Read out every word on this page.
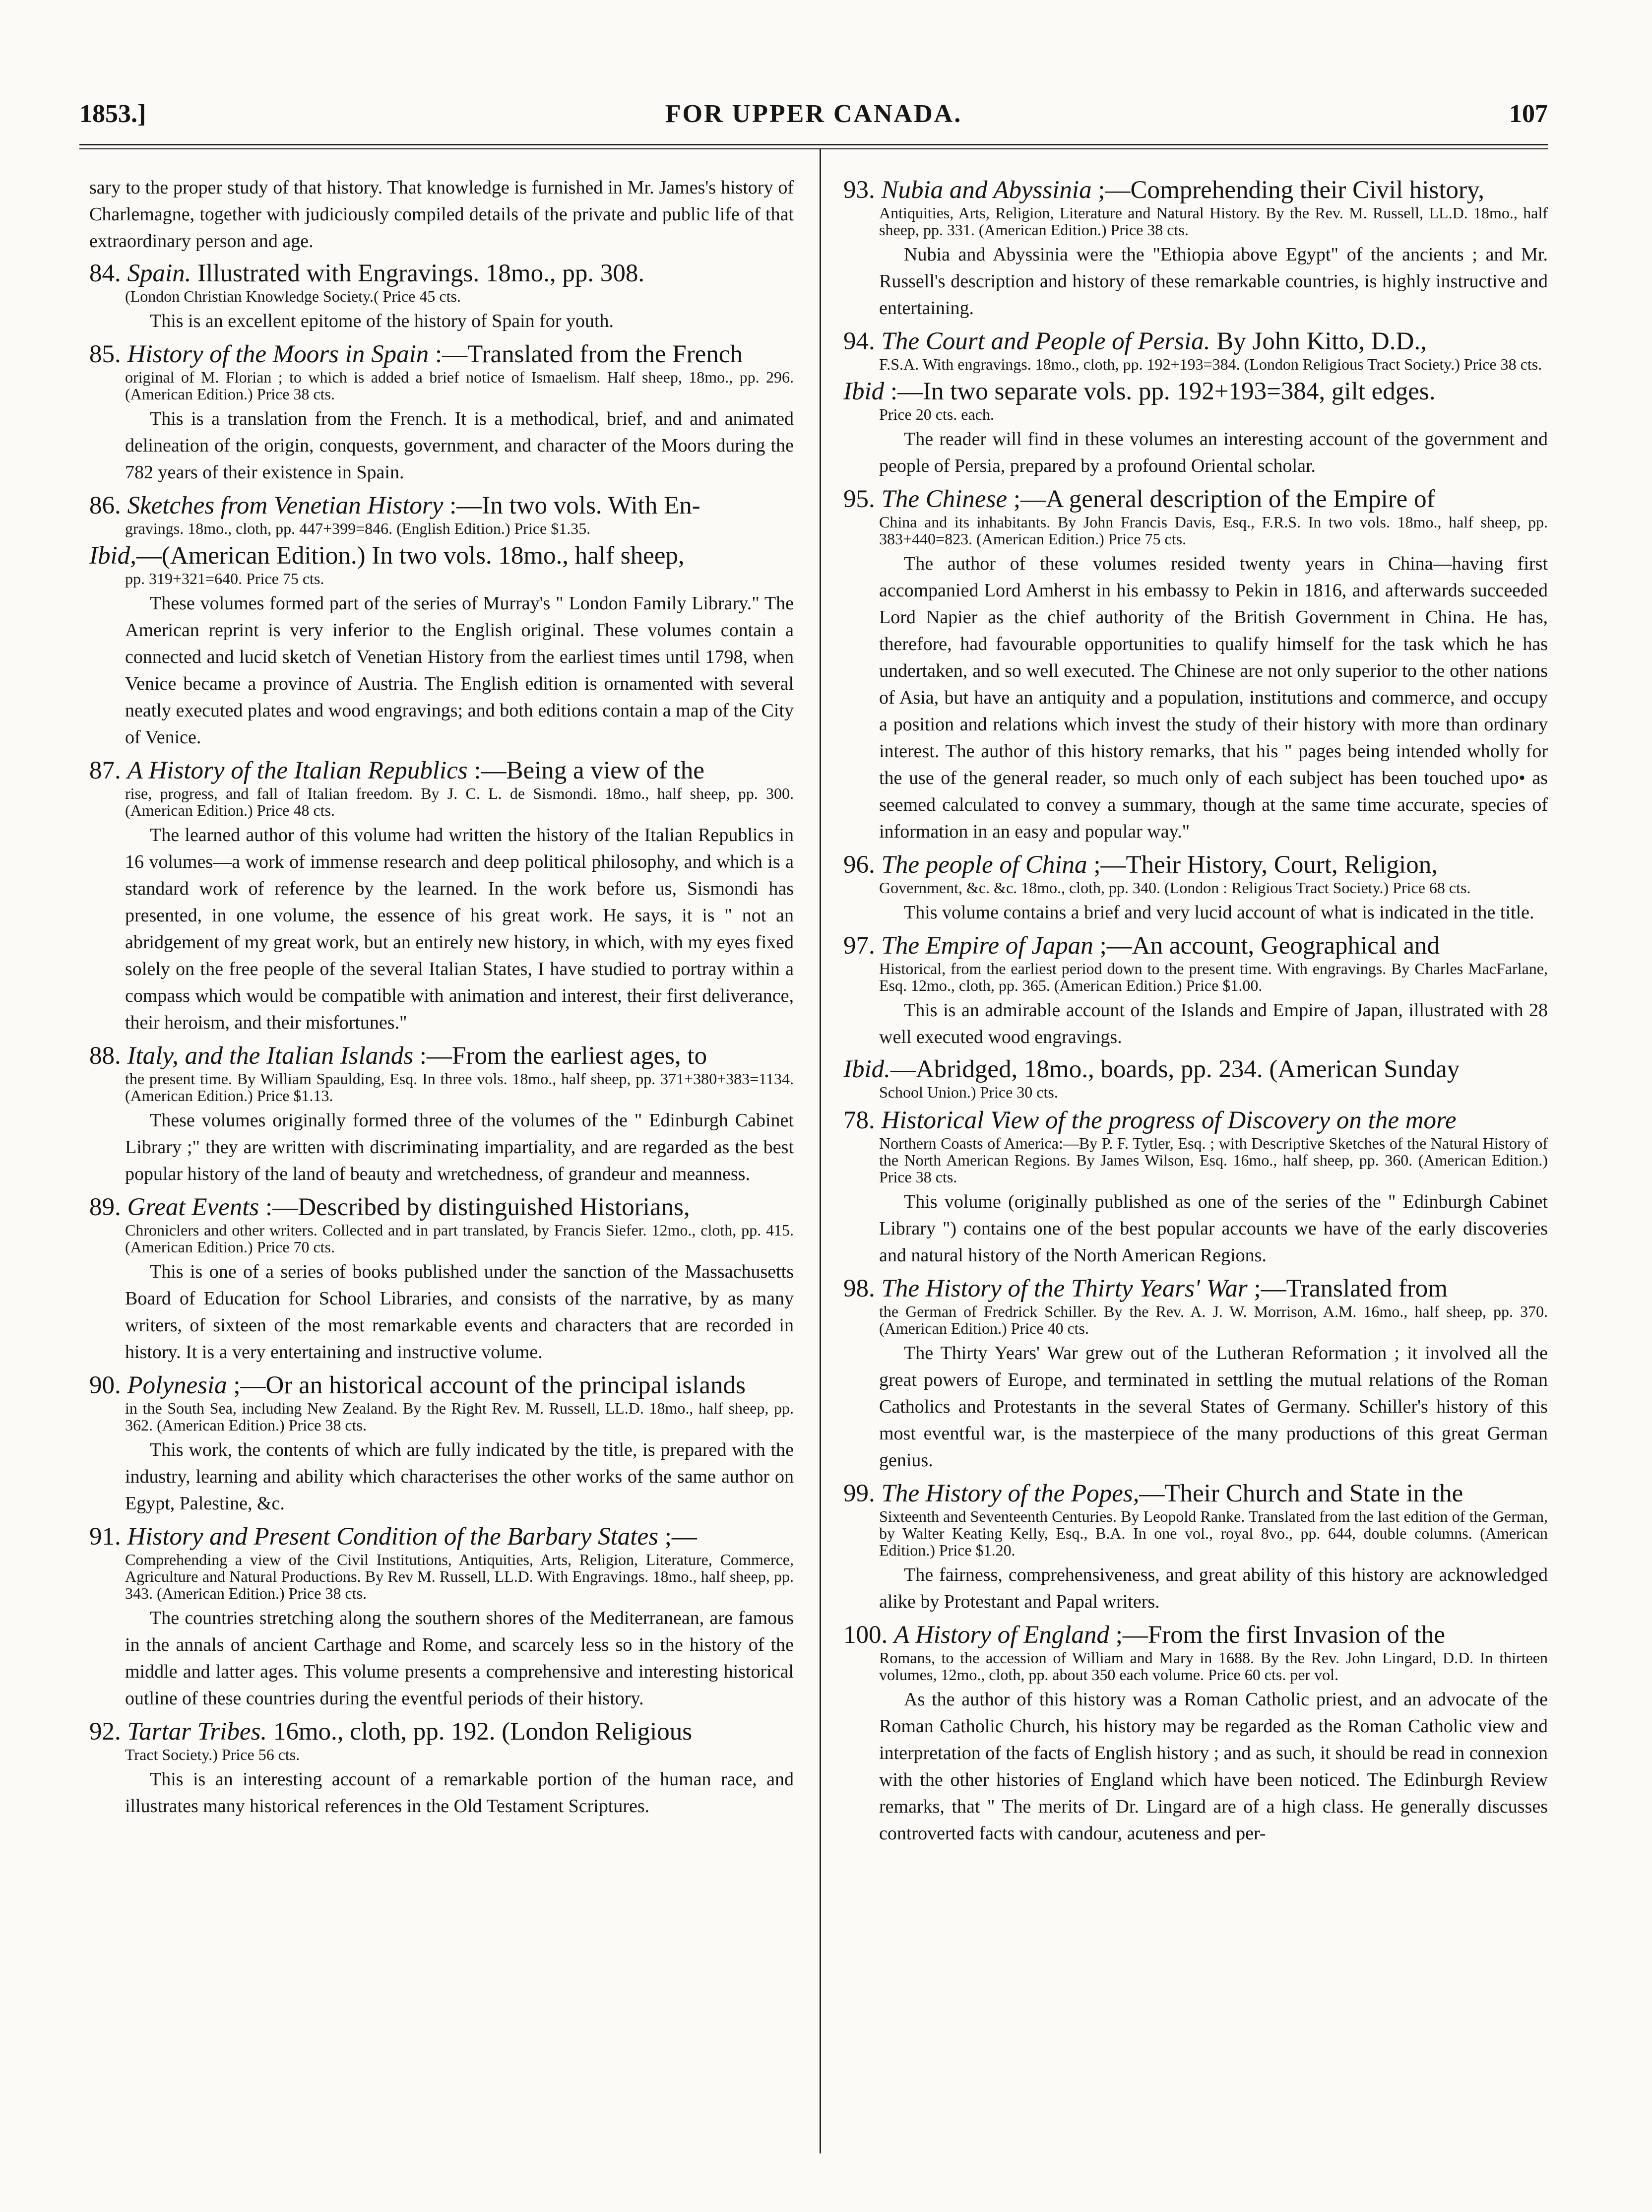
1853.]	FOR UPPER CANADA.	107

sary to the proper study of that history. That knowledge is furnished in Mr. James's history of Charlemagne, together with judiciously compiled details of the private and public life of that extraordinary person and age.

84. Spain. Illustrated with Engravings. 18mo., pp. 308.

(London Christian Knowledge Society.( Price 45 cts.

This is an excellent epitome of the history of Spain for youth.

85. History of the Moors in Spain :—Translated from the French

original of M. Florian ; to which is added a brief notice of Ismaelism. Half sheep, 18mo., pp. 296. (American Edition.) Price 38 cts.

This is a translation from the French. It is a methodical, brief, and and animated delineation of the origin, conquests, government, and character of the Moors during the 782 years of their existence in Spain.

86. Sketches from Venetian History :—In two vols. With En-

gravings. 18mo., cloth, pp. 447+399=846. (English Edition.) Price $1.35.

Ibid,—(American Edition.) In two vols. 18mo., half sheep,

pp. 319+321=640. Price 75 cts.

These volumes formed part of the series of Murray's " London Family Library." The American reprint is very inferior to the English original. These volumes contain a connected and lucid sketch of Venetian History from the earliest times until 1798, when Venice became a province of Austria. The English edition is ornamented with several neatly executed plates and wood engravings; and both editions contain a map of the City of Venice.

87. A History of the Italian Republics :—Being a view of the

rise, progress, and fall of Italian freedom. By J. C. L. de Sismondi. 18mo., half sheep, pp. 300. (American Edition.) Price 48 cts.

The learned author of this volume had written the history of the Italian Republics in 16 volumes—a work of immense research and deep political philosophy, and which is a standard work of reference by the learned. In the work before us, Sismondi has presented, in one volume, the essence of his great work. He says, it is " not an abridgement of my great work, but an entirely new history, in which, with my eyes fixed solely on the free people of the several Italian States, I have studied to portray within a compass which would be compatible with animation and interest, their first deliverance, their heroism, and their misfortunes."

88. Italy, and the Italian Islands :—From the earliest ages, to

the present time. By William Spaulding, Esq. In three vols. 18mo., half sheep, pp. 371+380+383=1134. (American Edition.) Price $1.13.

These volumes originally formed three of the volumes of the " Edinburgh Cabinet Library ;" they are written with discriminating impartiality, and are regarded as the best popular history of the land of beauty and wretchedness, of grandeur and meanness.

89. Great Events :—Described by distinguished Historians,

Chroniclers and other writers. Collected and in part translated, by Francis Siefer. 12mo., cloth, pp. 415. (American Edition.) Price 70 cts.

This is one of a series of books published under the sanction of the Massachusetts Board of Education for School Libraries, and consists of the narrative, by as many writers, of sixteen of the most remarkable events and characters that are recorded in history. It is a very entertaining and instructive volume.

90. Polynesia ;—Or an historical account of the principal islands

in the South Sea, including New Zealand. By the Right Rev. M. Russell, LL.D. 18mo., half sheep, pp. 362. (American Edition.) Price 38 cts.

This work, the contents of which are fully indicated by the title, is prepared with the industry, learning and ability which characterises the other works of the same author on Egypt, Palestine, &c.

91. History and Present Condition of the Barbary States ;—

Comprehending a view of the Civil Institutions, Antiquities, Arts, Religion, Literature, Commerce, Agriculture and Natural Productions. By Rev M. Russell, LL.D. With Engravings. 18mo., half sheep, pp. 343. (American Edition.) Price 38 cts.

The countries stretching along the southern shores of the Mediterranean, are famous in the annals of ancient Carthage and Rome, and scarcely less so in the history of the middle and latter ages. This volume presents a comprehensive and interesting historical outline of these countries during the eventful periods of their history.

92. Tartar Tribes. 16mo., cloth, pp. 192. (London Religious

Tract Society.) Price 56 cts.

This is an interesting account of a remarkable portion of the human race, and illustrates many historical references in the Old Testament Scriptures.

93. Nubia and Abyssinia ;—Comprehending their Civil history,

Antiquities, Arts, Religion, Literature and Natural History. By the Rev. M. Russell, LL.D. 18mo., half sheep, pp. 331. (American Edition.) Price 38 cts.

Nubia and Abyssinia were the "Ethiopia above Egypt" of the ancients ; and Mr. Russell's description and history of these remarkable countries, is highly instructive and entertaining.

94. The Court and People of Persia. By John Kitto, D.D.,

F.S.A. With engravings. 18mo., cloth, pp. 192+193=384. (London Religious Tract Society.) Price 38 cts.

Ibid :—In two separate vols. pp. 192+193=384, gilt edges.

Price 20 cts. each.

The reader will find in these volumes an interesting account of the government and people of Persia, prepared by a profound Oriental scholar.

95. The Chinese ;—A general description of the Empire of

China and its inhabitants. By John Francis Davis, Esq., F.R.S. In two vols. 18mo., half sheep, pp. 383+440=823. (American Edition.) Price 75 cts.

The author of these volumes resided twenty years in China—having first accompanied Lord Amherst in his embassy to Pekin in 1816, and afterwards succeeded Lord Napier as the chief authority of the British Government in China. He has, therefore, had favourable opportunities to qualify himself for the task which he has undertaken, and so well executed. The Chinese are not only superior to the other nations of Asia, but have an antiquity and a population, institutions and commerce, and occupy a position and relations which invest the study of their history with more than ordinary interest. The author of this history remarks, that his " pages being intended wholly for the use of the general reader, so much only of each subject has been touched upo• as seemed calculated to convey a summary, though at the same time accurate, species of information in an easy and popular way."

96. The people of China ;—Their History, Court, Religion,

Government, &c. &c. 18mo., cloth, pp. 340. (London : Religious Tract Society.) Price 68 cts.

This volume contains a brief and very lucid account of what is indicated in the title.

97. The Empire of Japan ;—An account, Geographical and

Historical, from the earliest period down to the present time. With engravings. By Charles MacFarlane, Esq. 12mo., cloth, pp. 365. (American Edition.) Price $1.00.

This is an admirable account of the Islands and Empire of Japan, illustrated with 28 well executed wood engravings.

Ibid.—Abridged, 18mo., boards, pp. 234. (American Sunday

School Union.) Price 30 cts.

78. Historical View of the progress of Discovery on the more

Northern Coasts of America:—By P. F. Tytler, Esq. ; with Descriptive Sketches of the Natural History of the North American Regions. By James Wilson, Esq. 16mo., half sheep, pp. 360. (American Edition.) Price 38 cts.

This volume (originally published as one of the series of the " Edinburgh Cabinet Library ") contains one of the best popular accounts we have of the early discoveries and natural history of the North American Regions.

98. The History of the Thirty Years' War ;—Translated from

the German of Fredrick Schiller. By the Rev. A. J. W. Morrison, A.M. 16mo., half sheep, pp. 370. (American Edition.) Price 40 cts.

The Thirty Years' War grew out of the Lutheran Reformation ; it involved all the great powers of Europe, and terminated in settling the mutual relations of the Roman Catholics and Protestants in the several States of Germany. Schiller's history of this most eventful war, is the masterpiece of the many productions of this great German genius.

99. The History of the Popes,—Their Church and State in the

Sixteenth and Seventeenth Centuries. By Leopold Ranke. Translated from the last edition of the German, by Walter Keating Kelly, Esq., B.A. In one vol., royal 8vo., pp. 644, double columns. (American Edition.) Price $1.20.

The fairness, comprehensiveness, and great ability of this history are acknowledged alike by Protestant and Papal writers.

100. A History of England ;—From the first Invasion of the

Romans, to the accession of William and Mary in 1688. By the Rev. John Lingard, D.D. In thirteen volumes, 12mo., cloth, pp. about 350 each volume. Price 60 cts. per vol.

As the author of this history was a Roman Catholic priest, and an advocate of the Roman Catholic Church, his history may be regarded as the Roman Catholic view and interpretation of the facts of English history ; and as such, it should be read in connexion with the other histories of England which have been noticed. The Edinburgh Review remarks, that " The merits of Dr. Lingard are of a high class. He generally discusses controverted facts with candour, acuteness and per-
